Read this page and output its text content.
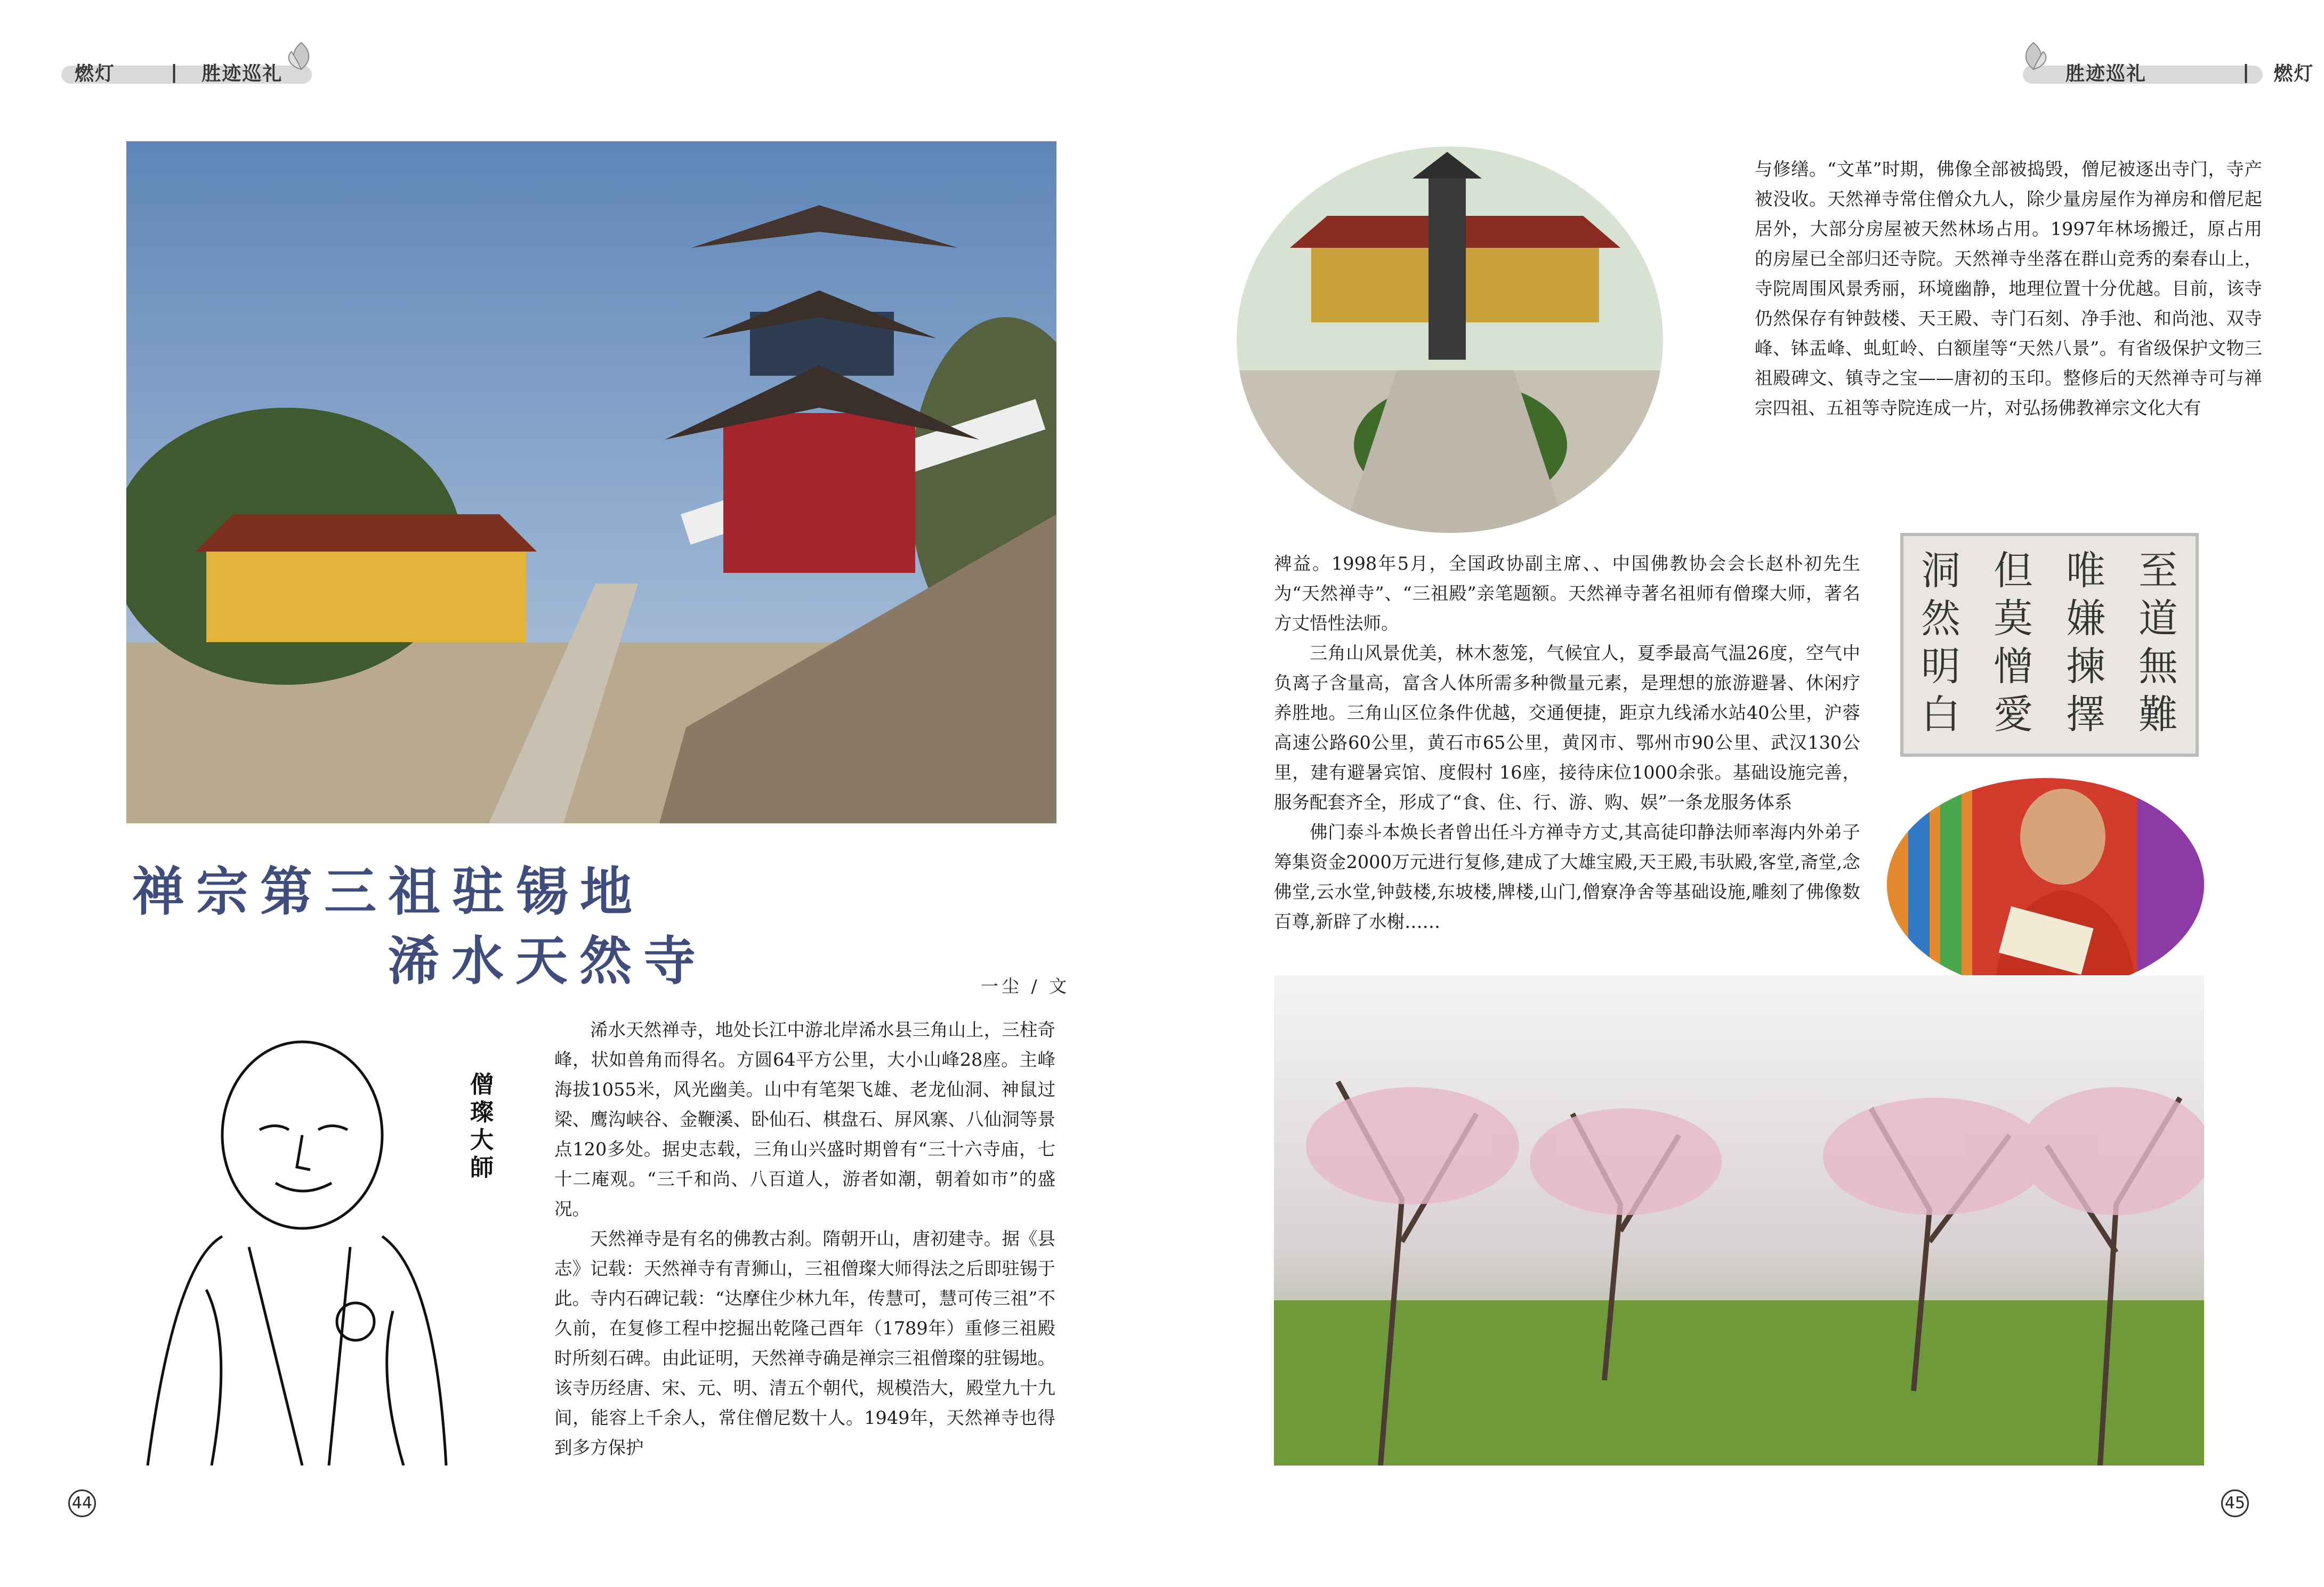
燃灯	| 胜迹巡礼
禅宗第三祖驻锡地
浠水天然寺	一尘 / 文
僧璨大師

浠水天然禅寺，地处长江中游北岸浠水县三角山上，三柱奇峰，状如兽角而得名。方圆64平方公里，大小山峰28座。主峰海拔1055米，风光幽美。山中有笔架飞雄、老龙仙洞、神鼠过梁、鹰沟峡谷、金鞭溪、卧仙石、棋盘石、屏风寨、八仙洞等景点120多处。据史志载，三角山兴盛时期曾有“三十六寺庙，七十二庵观。“三千和尚、八百道人，游者如潮，朝着如市”的盛况。

天然禅寺是有名的佛教古刹。隋朝开山，唐初建寺。据《县志》记载：天然禅寺有青狮山，三祖僧璨大师得法之后即驻锡于此。寺内石碑记载：“达摩住少林九年，传慧可，慧可传三祖”不久前，在复修工程中挖掘出乾隆己酉年（1789年）重修三祖殿时所刻石碑。由此证明，天然禅寺确是禅宗三祖僧璨的驻锡地。该寺历经唐、宋、元、明、清五个朝代，规模浩大，殿堂九十九间，能容上千余人，常住僧尼数十人。1949年，天然禅寺也得到多方保护

44
胜迹巡礼	| 燃灯

与修缮。“文革”时期，佛像全部被捣毁，僧尼被逐出寺门，寺产被没收。天然禅寺常住僧众九人，除少量房屋作为禅房和僧尼起居外，大部分房屋被天然林场占用。1997年林场搬迁，原占用的房屋已全部归还寺院。天然禅寺坐落在群山竞秀的秦春山上，寺院周围风景秀丽，环境幽静，地理位置十分优越。目前，该寺仍然保存有钟鼓楼、天王殿、寺门石刻、净手池、和尚池、双寺峰、钵盂峰、虬虹岭、白额崖等“天然八景”。有省级保护文物三祖殿碑文、镇寺之宝——唐初的玉印。整修后的天然禅寺可与禅宗四祖、五祖等寺院连成一片，对弘扬佛教禅宗文化大有

至道無難
唯嫌揀擇
但莫憎愛
洞然明白

裨益。1998年5月，全国政协副主席、、中国佛教协会会长赵朴初先生为“天然禅寺”、“三祖殿”亲笔题额。天然禅寺著名祖师有僧璨大师，著名方丈悟性法师。

三角山风景优美，林木葱笼，气候宜人，夏季最高气温26度，空气中负离子含量高，富含人体所需多种微量元素，是理想的旅游避暑、休闲疗养胜地。三角山区位条件优越，交通便捷，距京九线浠水站40公里，沪蓉高速公路60公里，黄石市65公里，黄冈市、鄂州市90公里、武汉130公里，建有避暑宾馆、度假村 16座，接待床位1000余张。基础设施完善，服务配套齐全，形成了“食、住、行、游、购、娱”一条龙服务体系

佛门泰斗本焕长者曾出任斗方禅寺方丈,其高徒印静法师率海内外弟子筹集资金2000万元进行复修,建成了大雄宝殿,天王殿,韦驮殿,客堂,斋堂,念佛堂,云水堂,钟鼓楼,东坡楼,牌楼,山门,僧寮净舍等基础设施,雕刻了佛像数百尊,新辟了水榭……

45
